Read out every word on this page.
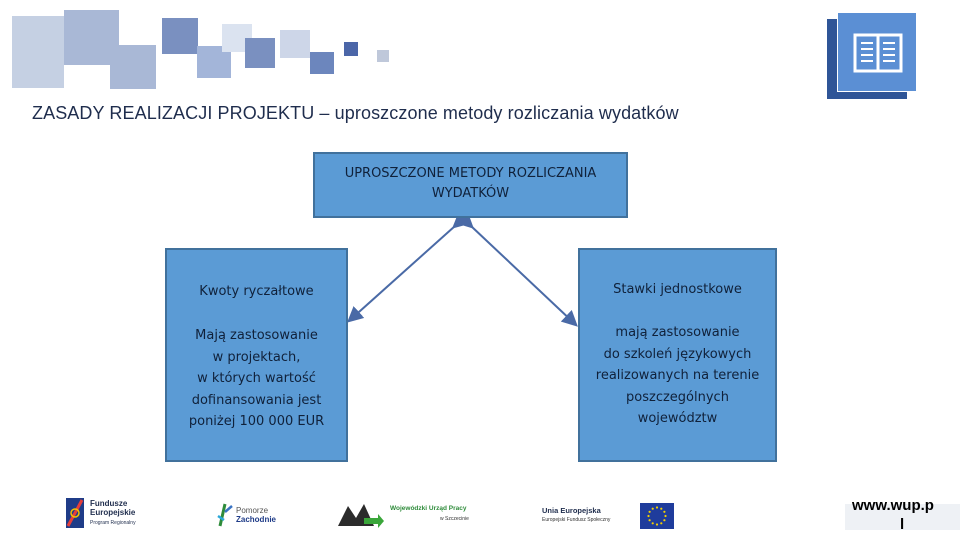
ZASADY REALIZACJI PROJEKTU – uproszczone metody rozliczania wydatków
UPROSZCZONE METODY ROZLICZANIA
WYDATKÓW
Kwoty ryczałtowe
Mają zastosowanie
w projektach,
w których wartość
dofinansowania jest
poniżej 100 000 EUR
Stawki jednostkowe
mają zastosowanie
do szkoleń językowych
realizowanych na terenie
poszczególnych
województw
Fundusze
Europejskie
Program Regionalny
Pomorze
Zachodnie
Wojewódzki Urząd Pracy
w Szczecinie
Unia Europejska
Europejski Fundusz Społeczny
www.wup.p
l
